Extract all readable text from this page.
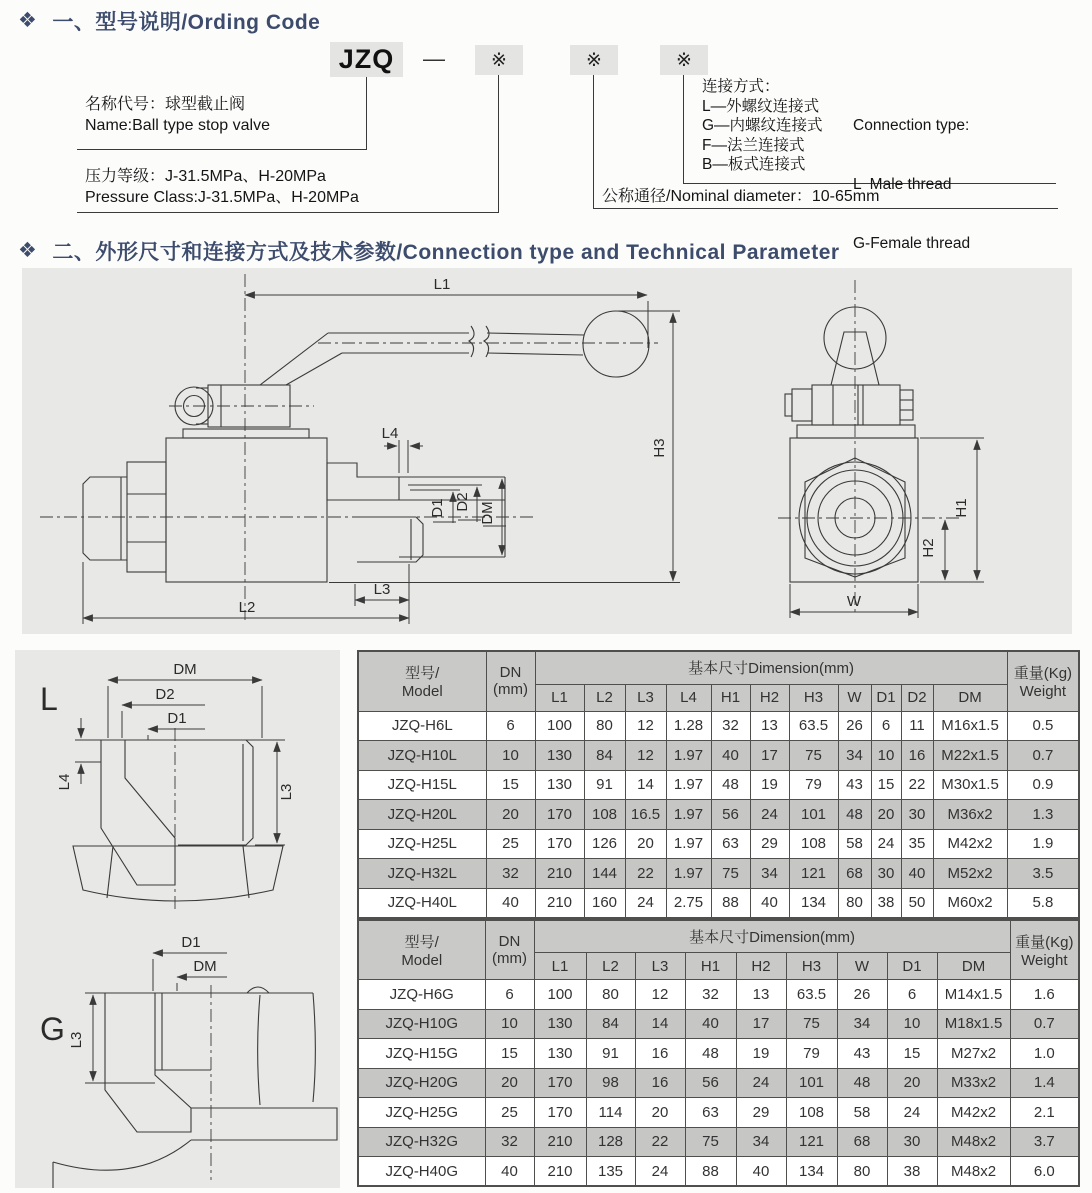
❖ 一、型号说明/Ording Code
JZQ	—	※	※	※
名称代号：球型截止阀
Name:Ball type stop valve
压力等级：J-31.5MPa、H-20MPa
Pressure Class:J-31.5MPa、H-20MPa
连接方式：
L—外螺纹连接式
G—内螺纹连接式
F—法兰连接式
B—板式连接式

Connection type:

L  Male thread

G-Female thread

公称通径/Nominal diameter：10-65mm
❖ 二、外形尺寸和连接方式及技术参数/Connection type and Technical Parameter
L4
D1 D2 DM
L1
H3
L3
L2
H1
H2
W
L
DM
D2
D1
L4
L3
G
D1
DM
L3
型号/
Model

DN
(mm)

基本尺寸Dimension(mm)	重量(Kg)
Weight

		L1	L2	L3	L4	H1	H2	H3	W	D1	D2	DM	

JZQ-H6L	6	100	80	12	1.28	32	13	63.5	26	6	11	M16x1.5	0.5

JZQ-H10L	10	130	84	12	1.97	40	17	75	34	10	16	M22x1.5	0.7

JZQ-H15L	15	130	91	14	1.97	48	19	79	43	15	22	M30x1.5	0.9

JZQ-H20L	20	170	108	16.5	1.97	56	24	101	48	20	30	M36x2	1.3

JZQ-H25L	25	170	126	20	1.97	63	29	108	58	24	35	M42x2	1.9

JZQ-H32L	32	210	144	22	1.97	75	34	121	68	30	40	M52x2	3.5

JZQ-H40L	40	210	160	24	2.75	88	40	134	80	38	50	M60x2	5.8
型号/
Model

DN
(mm)

基本尺寸Dimension(mm)	重量(Kg)
Weight

		L1	L2	L3	H1	H2	H3	W	D1	DM	

JZQ-H6G	6	100	80	12	32	13	63.5	26	6	M14x1.5	1.6

JZQ-H10G	10	130	84	14	40	17	75	34	10	M18x1.5	0.7

JZQ-H15G	15	130	91	16	48	19	79	43	15	M27x2	1.0

JZQ-H20G	20	170	98	16	56	24	101	48	20	M33x2	1.4

JZQ-H25G	25	170	114	20	63	29	108	58	24	M42x2	2.1

JZQ-H32G	32	210	128	22	75	34	121	68	30	M48x2	3.7

JZQ-H40G	40	210	135	24	88	40	134	80	38	M48x2	6.0
